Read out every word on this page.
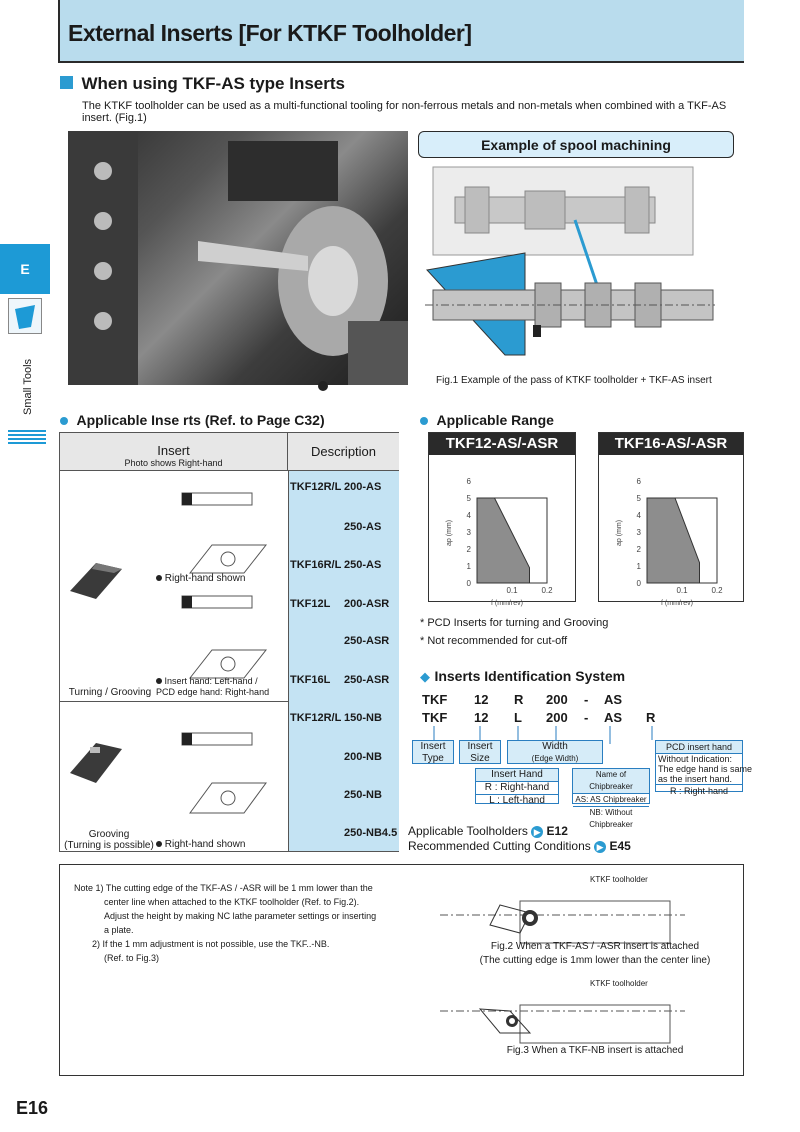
External Inserts [For KTKF Toolholder]
E
Small Tools
When using TKF-AS type Inserts
The KTKF toolholder can be used as a multi-functional tooling for non-ferrous metals and non-metals when combined with a TKF-AS insert. (Fig.1)
Example of spool machining
Fig.1 Example of the pass of KTKF toolholder + TKF-AS insert
Applicable Inse rts (Ref. to Page C32)
Insert
Photo shows Right-hand
Description
TKF12R/L 200-AS
250-AS
TKF16R/L 250-AS
TKF12L 200-ASR
250-ASR
TKF16L 250-ASR
TKF12R/L 150-NB
200-NB
250-NB
250-NB4.5
Right-hand shown
Insert hand: Left-hand /
PCD edge hand: Right-hand
Turning / Grooving
Grooving
(Turning is possible)	Right-hand shown
Applicable Range
TKF12-AS/-ASR
0
1
2
3
4
5
6
0.1	0.2
ap (mm)
f (mm/rev)
TKF16-AS/-ASR
0
1
2
3
4
5
6
0.1	0.2
ap (mm)
f (mm/rev)
* PCD Inserts for turning and Grooving
* Not recommended for cut-off
◆ Inserts Identification System
TKF 12 R 200 - AS
TKF 12 L 200 - AS R
Insert
Type
Insert
Size
Width
(Edge Width)
Insert Hand
R : Right-hand
L : Left-hand
Name of Chipbreaker
AS: AS Chipbreaker
NB: Without Chipbreaker
PCD insert hand
Without Indication:
The edge hand is same
as the insert hand.
R : Right-hand
Applicable Toolholders ▶ E12
Recommended Cutting Conditions ▶ E45
Note 1) The cutting edge of the TKF-AS / -ASR will be 1 mm lower than the
center line when attached to the KTKF toolholder (Ref. to Fig.2).
Adjust the height by making NC lathe parameter settings or inserting
a plate.
2) If the 1 mm adjustment is not possible, use the TKF..-NB.
(Ref. to Fig.3)
KTKF toolholder
Fig.2 When a TKF-AS / -ASR insert is attached
(The cutting edge is 1mm lower than the center line)
KTKF toolholder
Fig.3 When a TKF-NB insert is attached
E16
